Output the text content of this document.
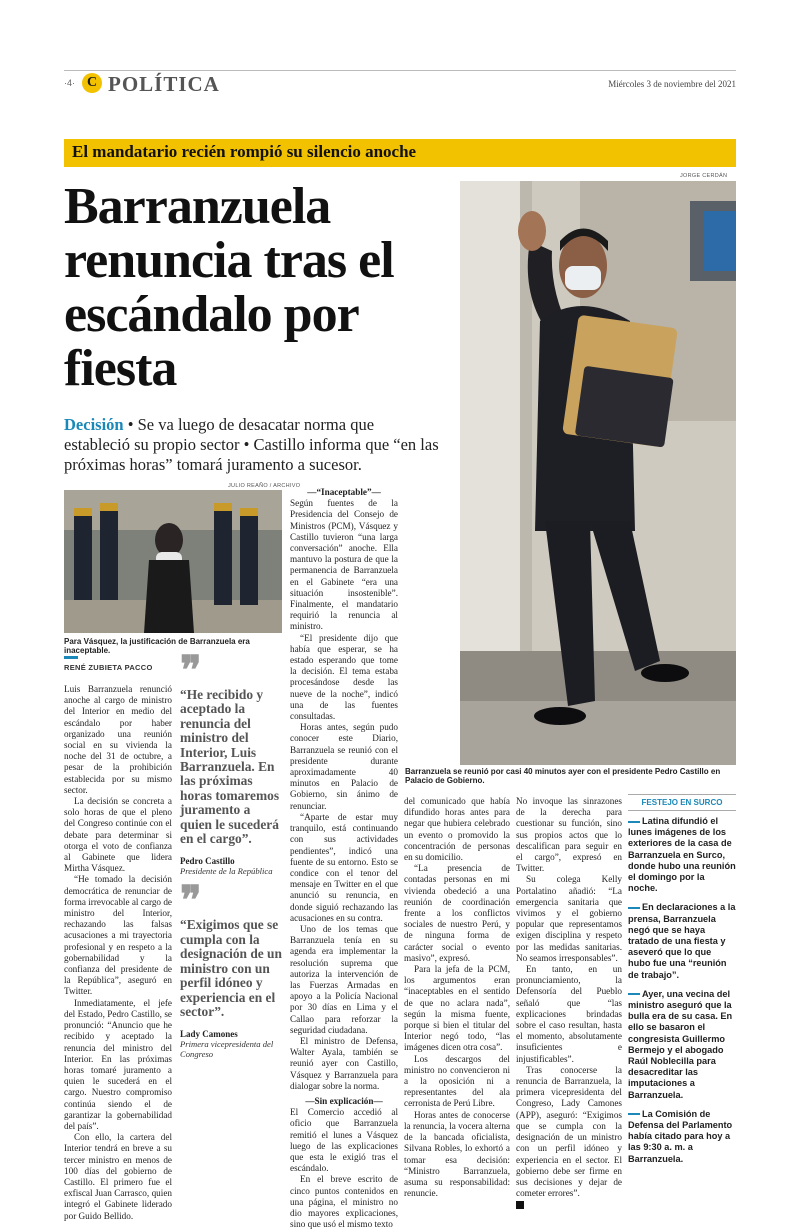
·4· C POLÍTICA	Miércoles 3 de noviembre del 2021
El mandatario recién rompió su silencio anoche
Barranzuela renuncia tras el escándalo por fiesta
Decisión • Se va luego de desacatar norma que estableció su propio sector • Castillo informa que “en las próximas horas” tomará juramento a sucesor.
JORGE CERDÁN
Barranzuela se reunió por casi 40 minutos ayer con el presidente Pedro Castillo en Palacio de Gobierno.
JULIO REAÑO / ARCHIVO
Para Vásquez, la justificación de Barranzuela era inaceptable.
RENÉ ZUBIETA PACCO

Luis Barranzuela renunció anoche al cargo de ministro del Interior en medio del escándalo por haber organizado una reunión social en su vivienda la noche del 31 de octubre, a pesar de la prohibición establecida por su mismo sector.

La decisión se concreta a solo horas de que el pleno del Congreso continúe con el debate para determinar si otorga el voto de confianza al Gabinete que lidera Mirtha Vásquez.

“He tomado la decisión democrática de renunciar de forma irrevocable al cargo de ministro del Interior, rechazando las falsas acusaciones a mi trayectoria profesional y en respeto a la gobernabilidad y la confianza del presidente de la República”, aseguró en Twitter.

Inmediatamente, el jefe del Estado, Pedro Castillo, se pronunció: “Anuncio que he recibido y aceptado la renuncia del ministro del Interior. En las próximas horas tomaré juramento a quien le sucederá en el cargo. Nuestro compromiso continúa siendo el de garantizar la gobernabilidad del país”.

Con ello, la cartera del Interior tendrá en breve a su tercer ministro en menos de 100 días del gobierno de Castillo. El primero fue el exfiscal Juan Carrasco, quien integró el Gabinete liderado por Guido Bellido.

❞
“He recibido y aceptado la renuncia del ministro del Interior, Luis Barranzuela. En las próximas horas tomaremos juramento a quien le sucederá en el cargo”.
Pedro Castillo
Presidente de la República
❞
“Exigimos que se cumpla con la designación de un ministro con un perfil idóneo y experiencia en el sector”.
Lady Camones
Primera vicepresidenta del Congreso
—“Inaceptable”—

Según fuentes de la Presidencia del Consejo de Ministros (PCM), Vásquez y Castillo tuvieron “una larga conversación” anoche. Ella mantuvo la postura de que la permanencia de Barranzuela en el Gabinete “era una situación insostenible”. Finalmente, el mandatario requirió la renuncia al ministro.

“El presidente dijo que había que esperar, se ha estado esperando que tome la decisión. El tema estaba procesándose desde las nueve de la noche”, indicó una de las fuentes consultadas.

Horas antes, según pudo conocer este Diario, Barranzuela se reunió con el presidente durante aproximadamente 40 minutos en Palacio de Gobierno, sin ánimo de renunciar.

“Aparte de estar muy tranquilo, está continuando con sus actividades pendientes”, indicó una fuente de su entorno. Esto se condice con el tenor del mensaje en Twitter en el que anunció su renuncia, en donde siguió rechazando las acusaciones en su contra.

Uno de los temas que Barranzuela tenía en su agenda era implementar la resolución suprema que autoriza la intervención de las Fuerzas Armadas en apoyo a la Policía Nacional por 30 días en Lima y el Callao para reforzar la seguridad ciudadana.

El ministro de Defensa, Walter Ayala, también se reunió ayer con Castillo, Vásquez y Barranzuela para dialogar sobre la norma.

—Sin explicación—

El Comercio accedió al oficio que Barranzuela remitió el lunes a Vásquez luego de las explicaciones que esta le exigió tras el escándalo.

En el breve escrito de cinco puntos contenidos en una página, el ministro no dio mayores explicaciones, sino que usó el mismo texto

del comunicado que había difundido horas antes para negar que hubiera celebrado un evento o promovido la concentración de personas en su domicilio.

“La presencia de contadas personas en mi vivienda obedeció a una reunión de coordinación frente a los conflictos sociales de nuestro Perú, y de ninguna forma de carácter social o evento masivo”, expresó.

Para la jefa de la PCM, los argumentos eran “inaceptables en el sentido de que no aclara nada”, según la misma fuente, porque si bien el titular del Interior negó todo, “las imágenes dicen otra cosa”.

Los descargos del ministro no convencieron ni a la oposición ni a representantes del ala cerronista de Perú Libre.

Horas antes de conocerse la renuncia, la vocera alterna de la bancada oficialista, Silvana Robles, lo exhortó a tomar esa decisión: “Ministro Barranzuela, asuma su responsabilidad: renuncie.

No invoque las sinrazones de la derecha para cuestionar su función, sino sus propios actos que lo descalifican para seguir en el cargo”, expresó en Twitter.

Su colega Kelly Portalatino añadió: “La emergencia sanitaria que vivimos y el gobierno popular que representamos exigen disciplina y respeto por las medidas sanitarias. No seamos irresponsables”.

En tanto, en un pronunciamiento, la Defensoría del Pueblo señaló que “las explicaciones brindadas sobre el caso resultan, hasta el momento, absolutamente insuficientes e injustificables”.

Tras conocerse la renuncia de Barranzuela, la primera vicepresidenta del Congreso, Lady Camones (APP), aseguró: “Exigimos que se cumpla con la designación de un ministro con un perfil idóneo y experiencia en el sector. El gobierno debe ser firme en sus decisiones y dejar de cometer errores”.

FESTEJO EN SURCO

Latina difundió el lunes imágenes de los exteriores de la casa de Barranzuela en Surco, donde hubo una reunión el domingo por la noche.

En declaraciones a la prensa, Barranzuela negó que se haya tratado de una fiesta y aseveró que lo que hubo fue una “reunión de trabajo”.

Ayer, una vecina del ministro aseguró que la bulla era de su casa. En ello se basaron el congresista Guillermo Bermejo y el abogado Raúl Noblecilla para desacreditar las imputaciones a Barranzuela.

La Comisión de Defensa del Parlamento había citado para hoy a las 9:30 a. m. a Barranzuela.
